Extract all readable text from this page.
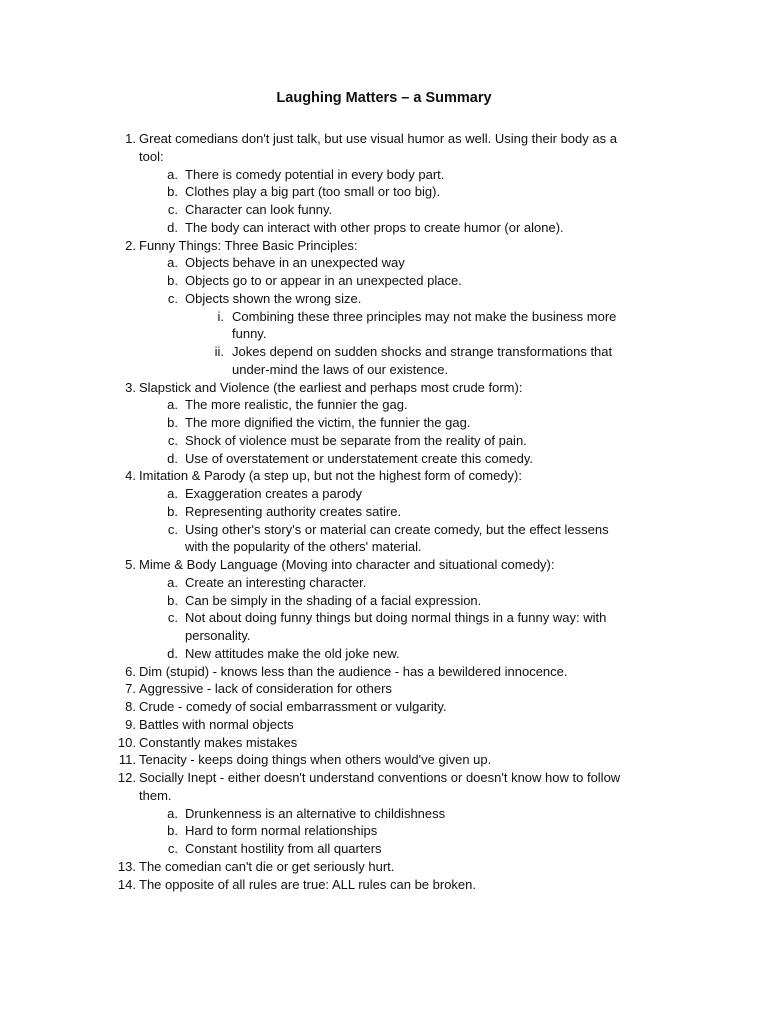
Laughing Matters – a Summary
1. Great comedians don't just talk, but use visual humor as well. Using their body as a
tool:
a. There is comedy potential in every body part.
b. Clothes play a big part (too small or too big).
c. Character can look funny.
d. The body can interact with other props to create humor (or alone).
2. Funny Things: Three Basic Principles:
a. Objects behave in an unexpected way
b. Objects go to or appear in an unexpected place.
c. Objects shown the wrong size.
i. Combining these three principles may not make the business more
funny.
ii. Jokes depend on sudden shocks and strange transformations that
under-mind the laws of our existence.
3. Slapstick and Violence (the earliest and perhaps most crude form):
a. The more realistic, the funnier the gag.
b. The more dignified the victim, the funnier the gag.
c. Shock of violence must be separate from the reality of pain.
d. Use of overstatement or understatement create this comedy.
4. Imitation & Parody (a step up, but not the highest form of comedy):
a. Exaggeration creates a parody
b. Representing authority creates satire.
c. Using other's story's or material can create comedy, but the effect lessens
with the popularity of the others' material.
5. Mime & Body Language (Moving into character and situational comedy):
a. Create an interesting character.
b. Can be simply in the shading of a facial expression.
c. Not about doing funny things but doing normal things in a funny way: with
personality.
d. New attitudes make the old joke new.
6. Dim (stupid) - knows less than the audience - has a bewildered innocence.
7. Aggressive - lack of consideration for others
8. Crude - comedy of social embarrassment or vulgarity.
9. Battles with normal objects
10. Constantly makes mistakes
11. Tenacity - keeps doing things when others would've given up.
12. Socially Inept - either doesn't understand conventions or doesn't know how to follow
them.
a. Drunkenness is an alternative to childishness
b. Hard to form normal relationships
c. Constant hostility from all quarters
13. The comedian can't die or get seriously hurt.
14. The opposite of all rules are true: ALL rules can be broken.
